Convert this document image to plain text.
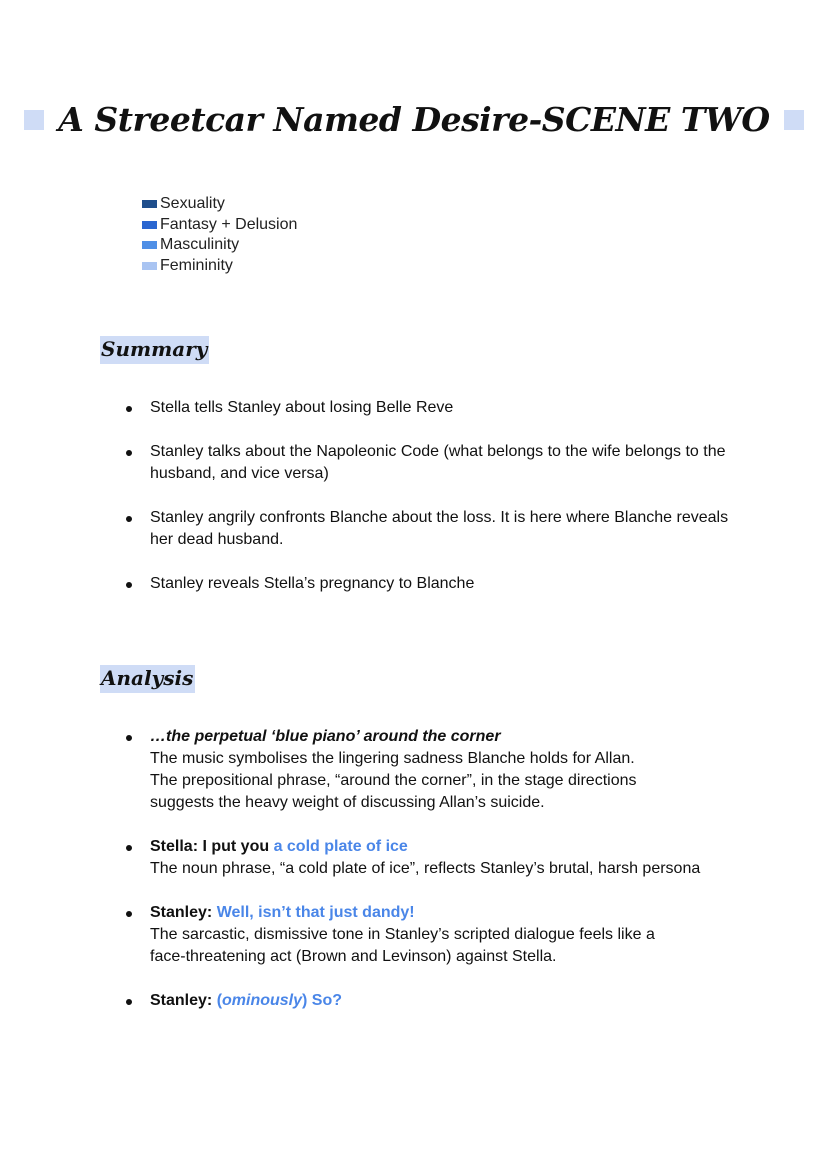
A Streetcar Named Desire-SCENE TWO
Sexuality
Fantasy + Delusion
Masculinity
Femininity
Summary
Stella tells Stanley about losing Belle Reve
Stanley talks about the Napoleonic Code (what belongs to the wife belongs to the husband, and vice versa)
Stanley angrily confronts Blanche about the loss. It is here where Blanche reveals her dead husband.
Stanley reveals Stella’s pregnancy to Blanche
Analysis
…the perpetual ‘blue piano’ around the corner
The music symbolises the lingering sadness Blanche holds for Allan.
The prepositional phrase, “around the corner”, in the stage directions suggests the heavy weight of discussing Allan’s suicide.
Stella: I put you a cold plate of ice
The noun phrase, “a cold plate of ice”, reflects Stanley’s brutal, harsh persona
Stanley: Well, isn’t that just dandy!
The sarcastic, dismissive tone in Stanley’s scripted dialogue feels like a face-threatening act (Brown and Levinson) against Stella.
Stanley: (ominously) So?
